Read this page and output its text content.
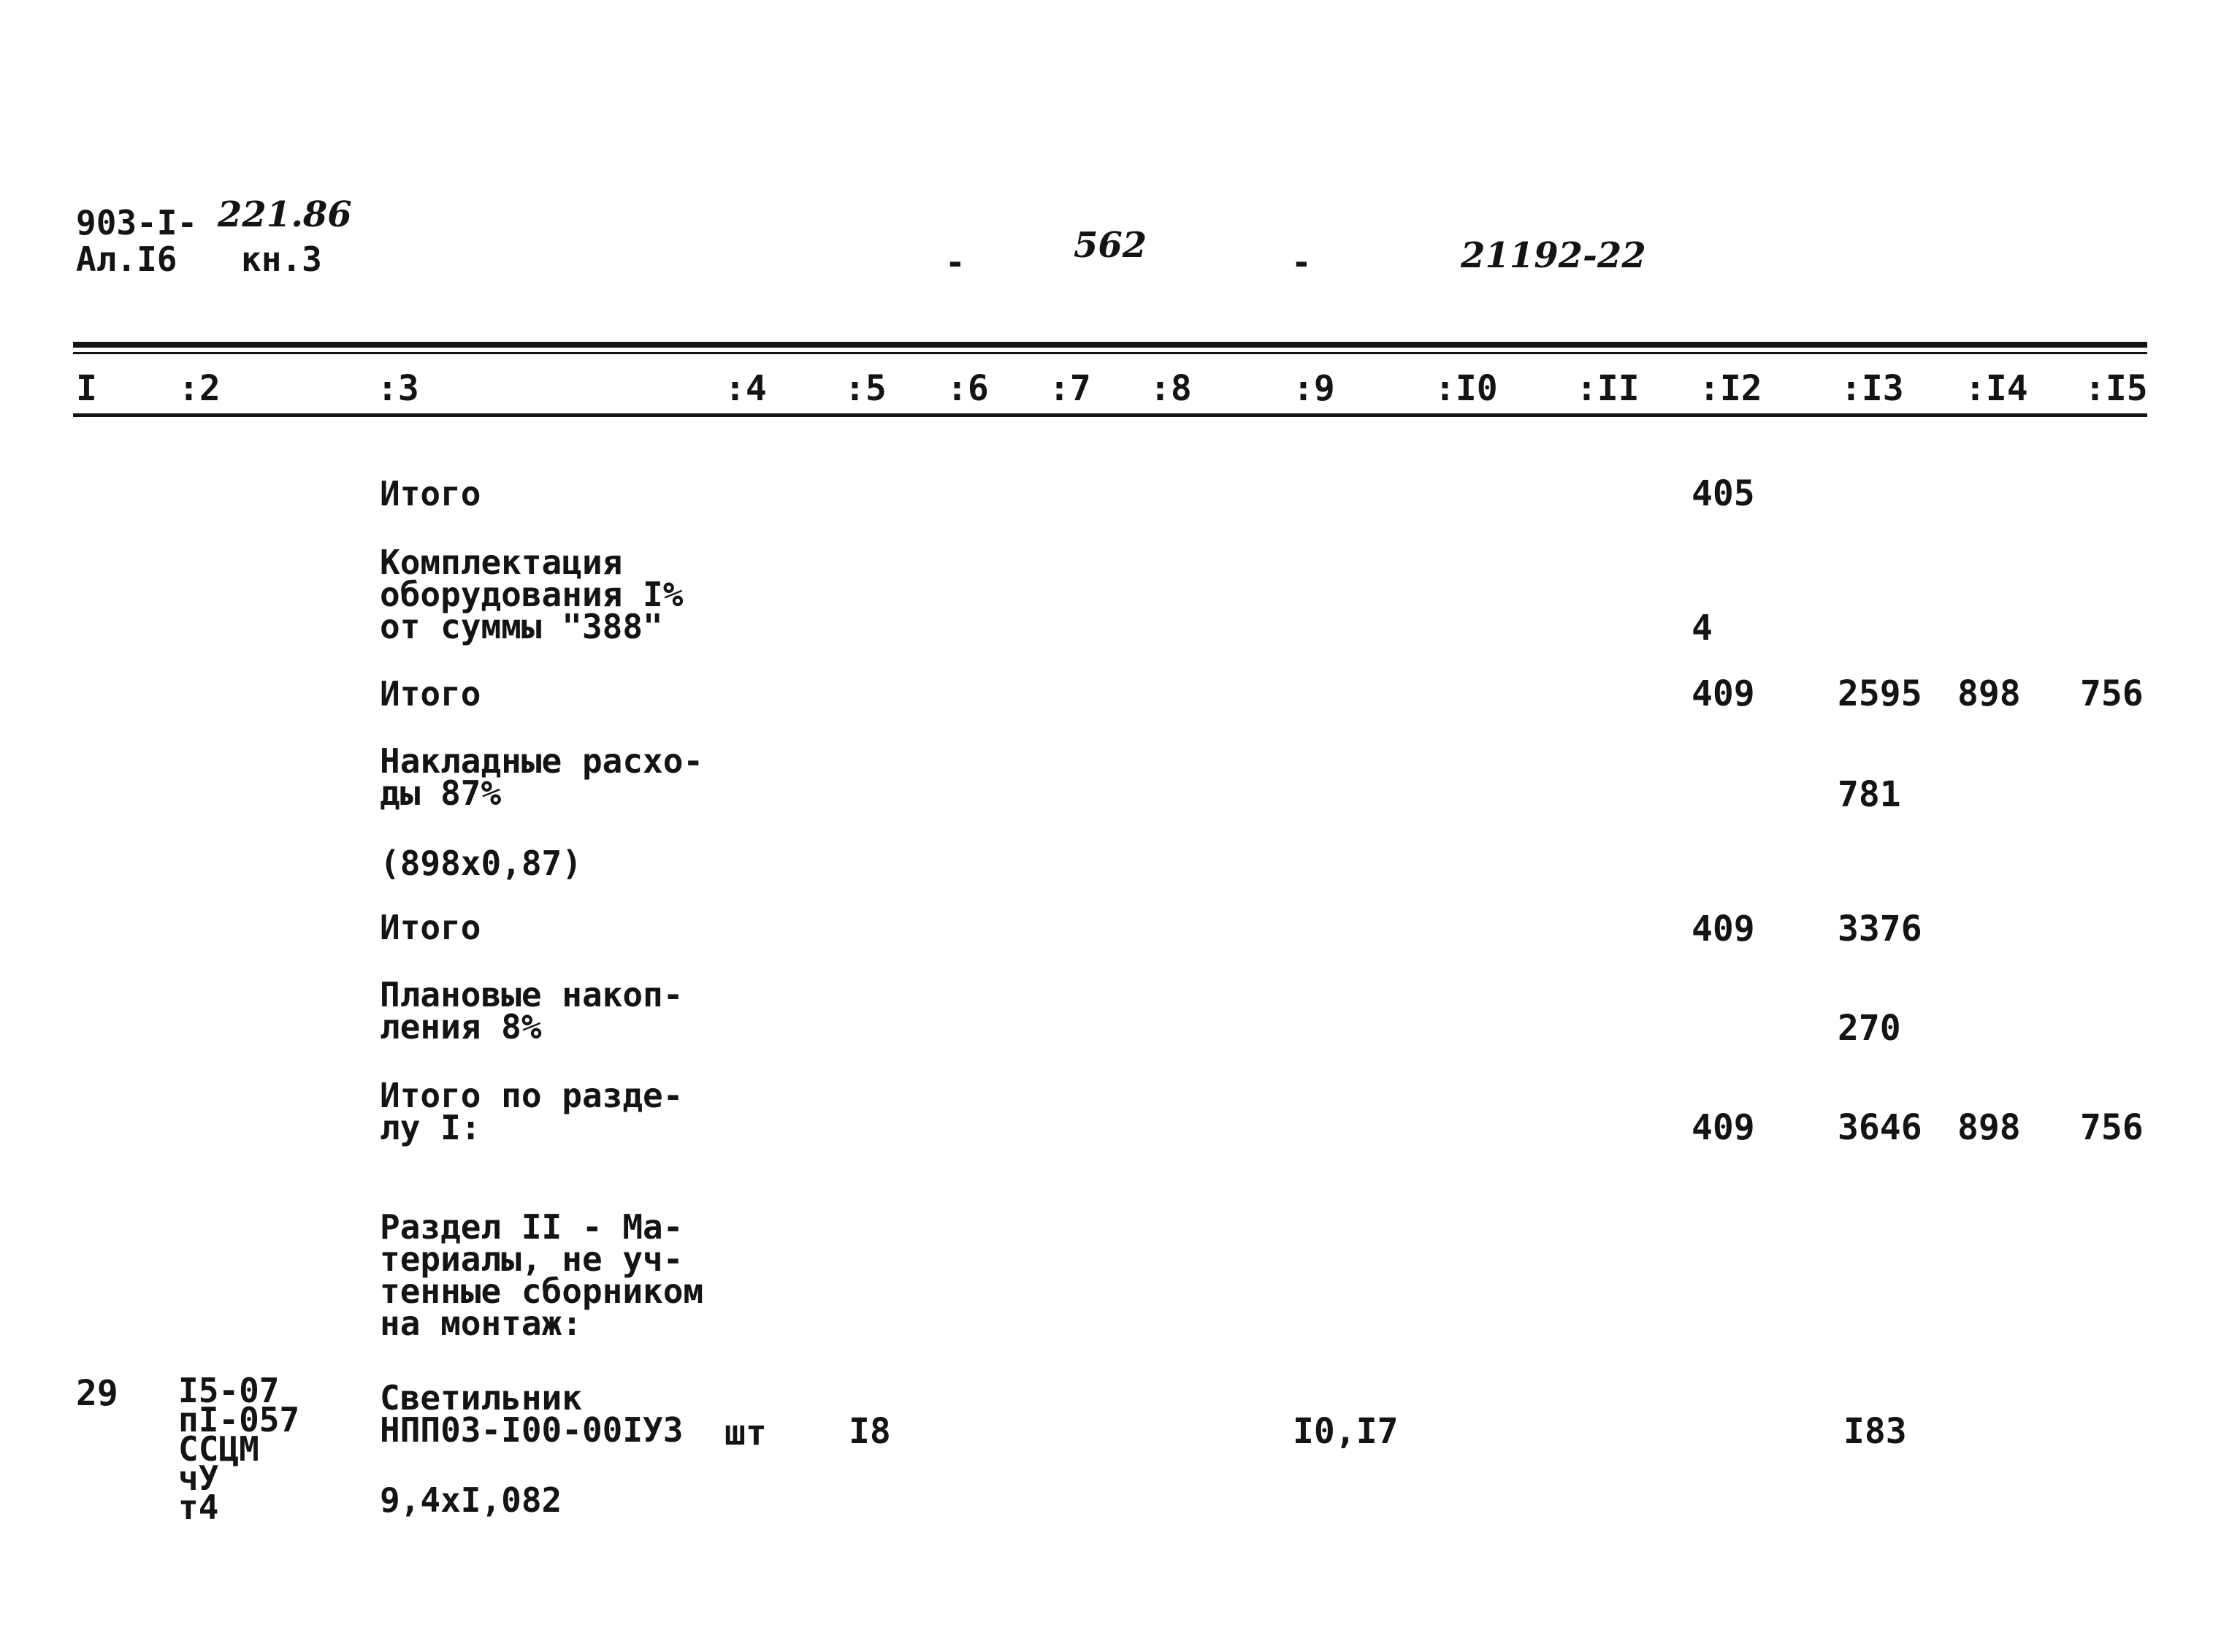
903-I- 221.86
Ал.I6 кн.3	-	562	-	21192-22
I :2	:3	:4 :5 :6 :7 :8	:9	:I0 :II :I2 :I3 :I4 :I5
Итого	405
Комплектация
оборудования I%
от суммы "388"	4
Итого	409 2595 898 756
Накладные расхо-
ды 87%	781
(898x0,87)
Итого	409 3376
Плановые накоп-
ления 8%	270
Итого по разде-
лу I:	409 3646 898 756
Раздел II - Ма-
териалы, не уч-
тенные сборником
на монтаж:
29 I5-07
пI-057
ССЦМ
чУ
т4
Светильник
НПП03-I00-00IУ3 шт I8	I0,I7	I83
9,4xI,082
